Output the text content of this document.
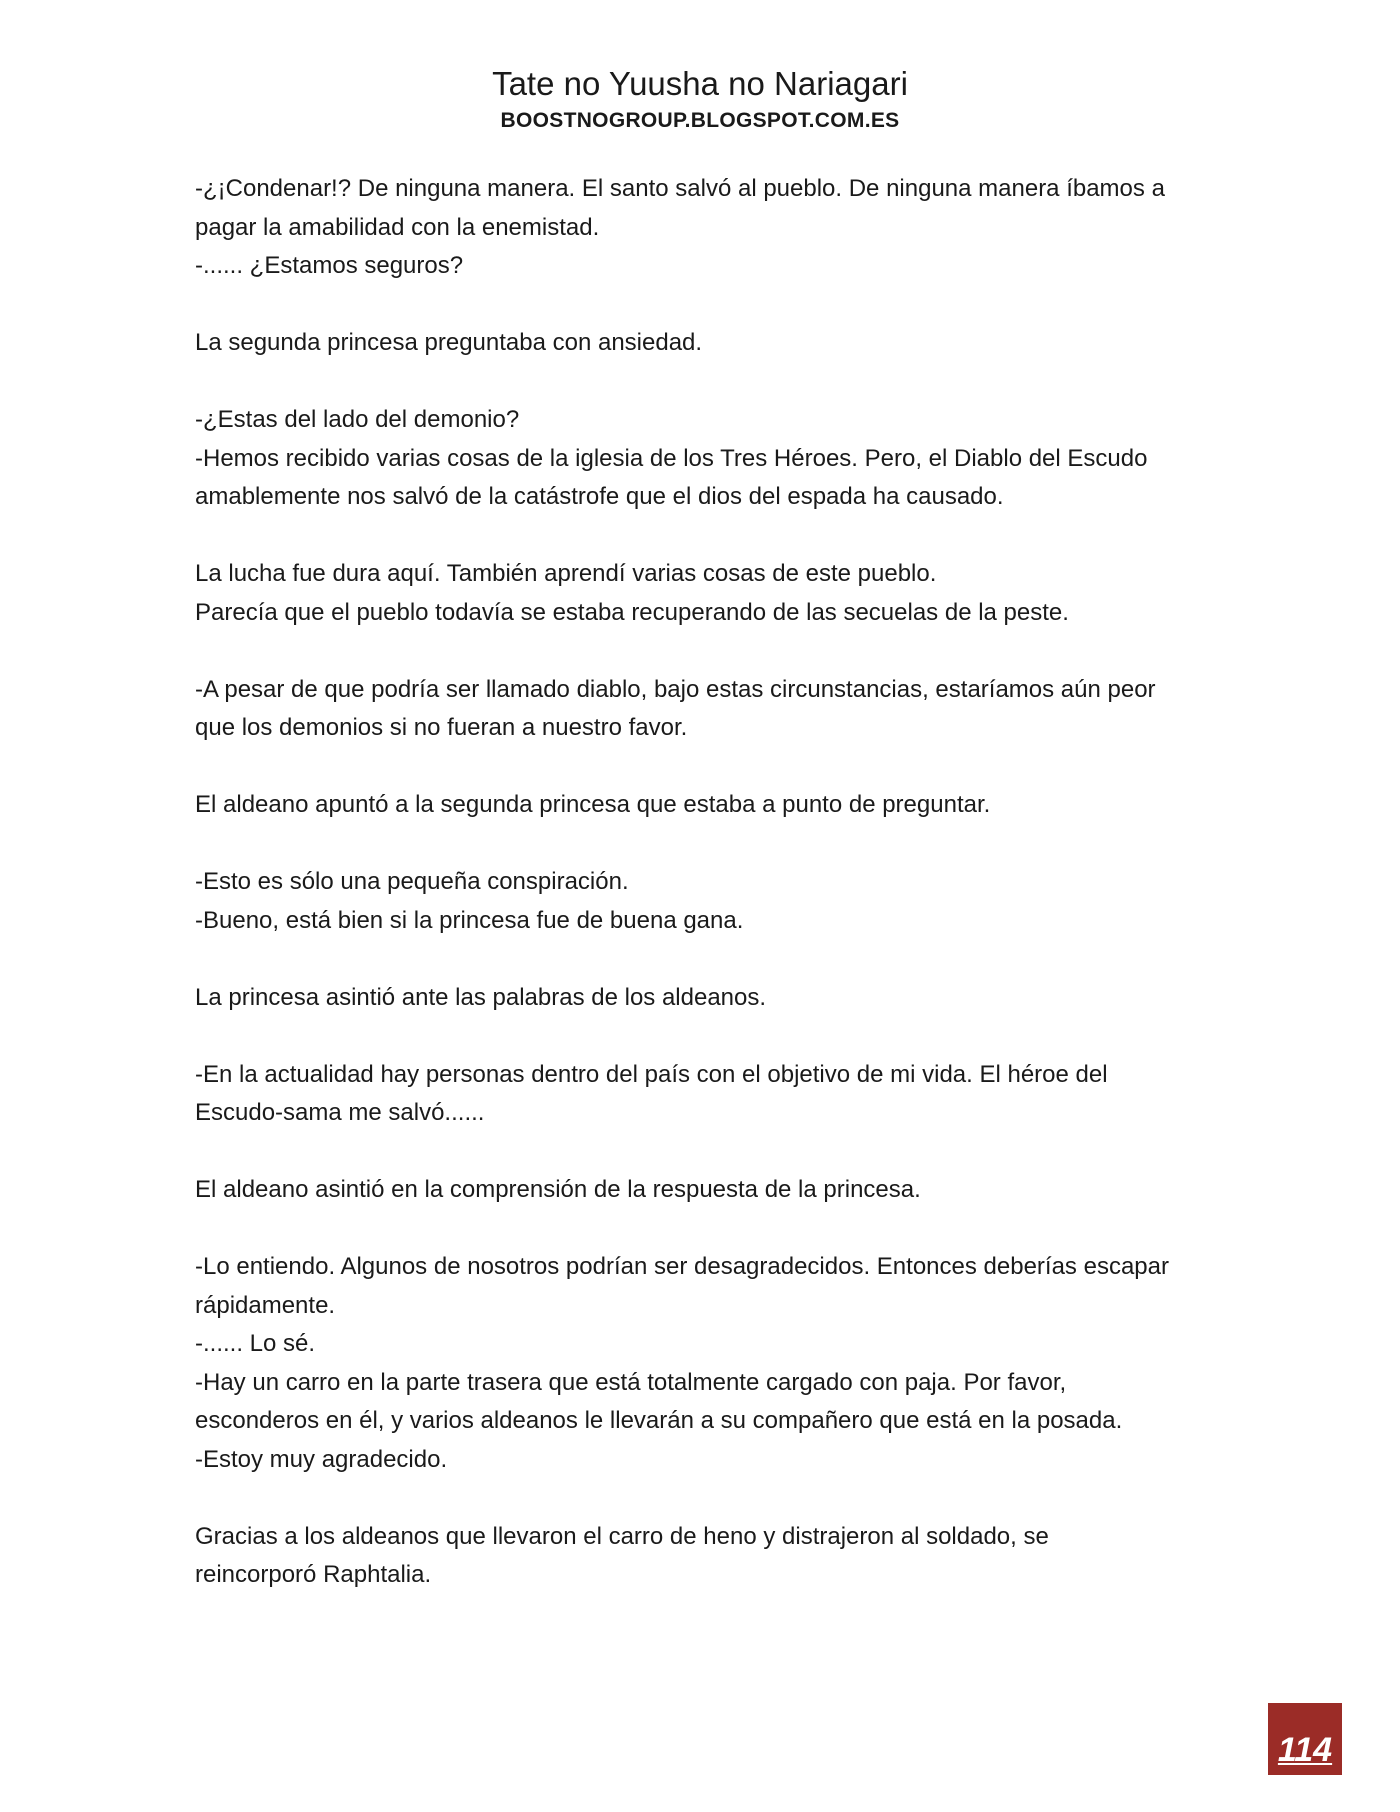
Tate no Yuusha no Nariagari
BOOSTNOGROUP.BLOGSPOT.COM.ES
-¿¡Condenar!? De ninguna manera. El santo salvó al pueblo. De ninguna manera íbamos a
pagar la amabilidad con la enemistad.
-...... ¿Estamos seguros?
La segunda princesa preguntaba con ansiedad.
-¿Estas del lado del demonio?
-Hemos recibido varias cosas de la iglesia de los Tres Héroes. Pero, el Diablo del Escudo
amablemente nos salvó de la catástrofe que el dios del espada ha causado.
La lucha fue dura aquí. También aprendí varias cosas de este pueblo.
Parecía que el pueblo todavía se estaba recuperando de las secuelas de la peste.
-A pesar de que podría ser llamado diablo, bajo estas circunstancias, estaríamos aún peor
que los demonios si no fueran a nuestro favor.
El aldeano apuntó a la segunda princesa que estaba a punto de preguntar.
-Esto es sólo una pequeña conspiración.
-Bueno, está bien si la princesa fue de buena gana.
La princesa asintió ante las palabras de los aldeanos.
-En la actualidad hay personas dentro del país con el objetivo de mi vida. El héroe del
Escudo-sama me salvó......
El aldeano asintió en la comprensión de la respuesta de la princesa.
-Lo entiendo. Algunos de nosotros podrían ser desagradecidos. Entonces deberías escapar
rápidamente.
-...... Lo sé.
-Hay un carro en la parte trasera que está totalmente cargado con paja. Por favor,
esconderos en él, y varios aldeanos le llevarán a su compañero que está en la posada.
-Estoy muy agradecido.
Gracias a los aldeanos que llevaron el carro de heno y distrajeron al soldado, se
reincorporó Raphtalia.
114
